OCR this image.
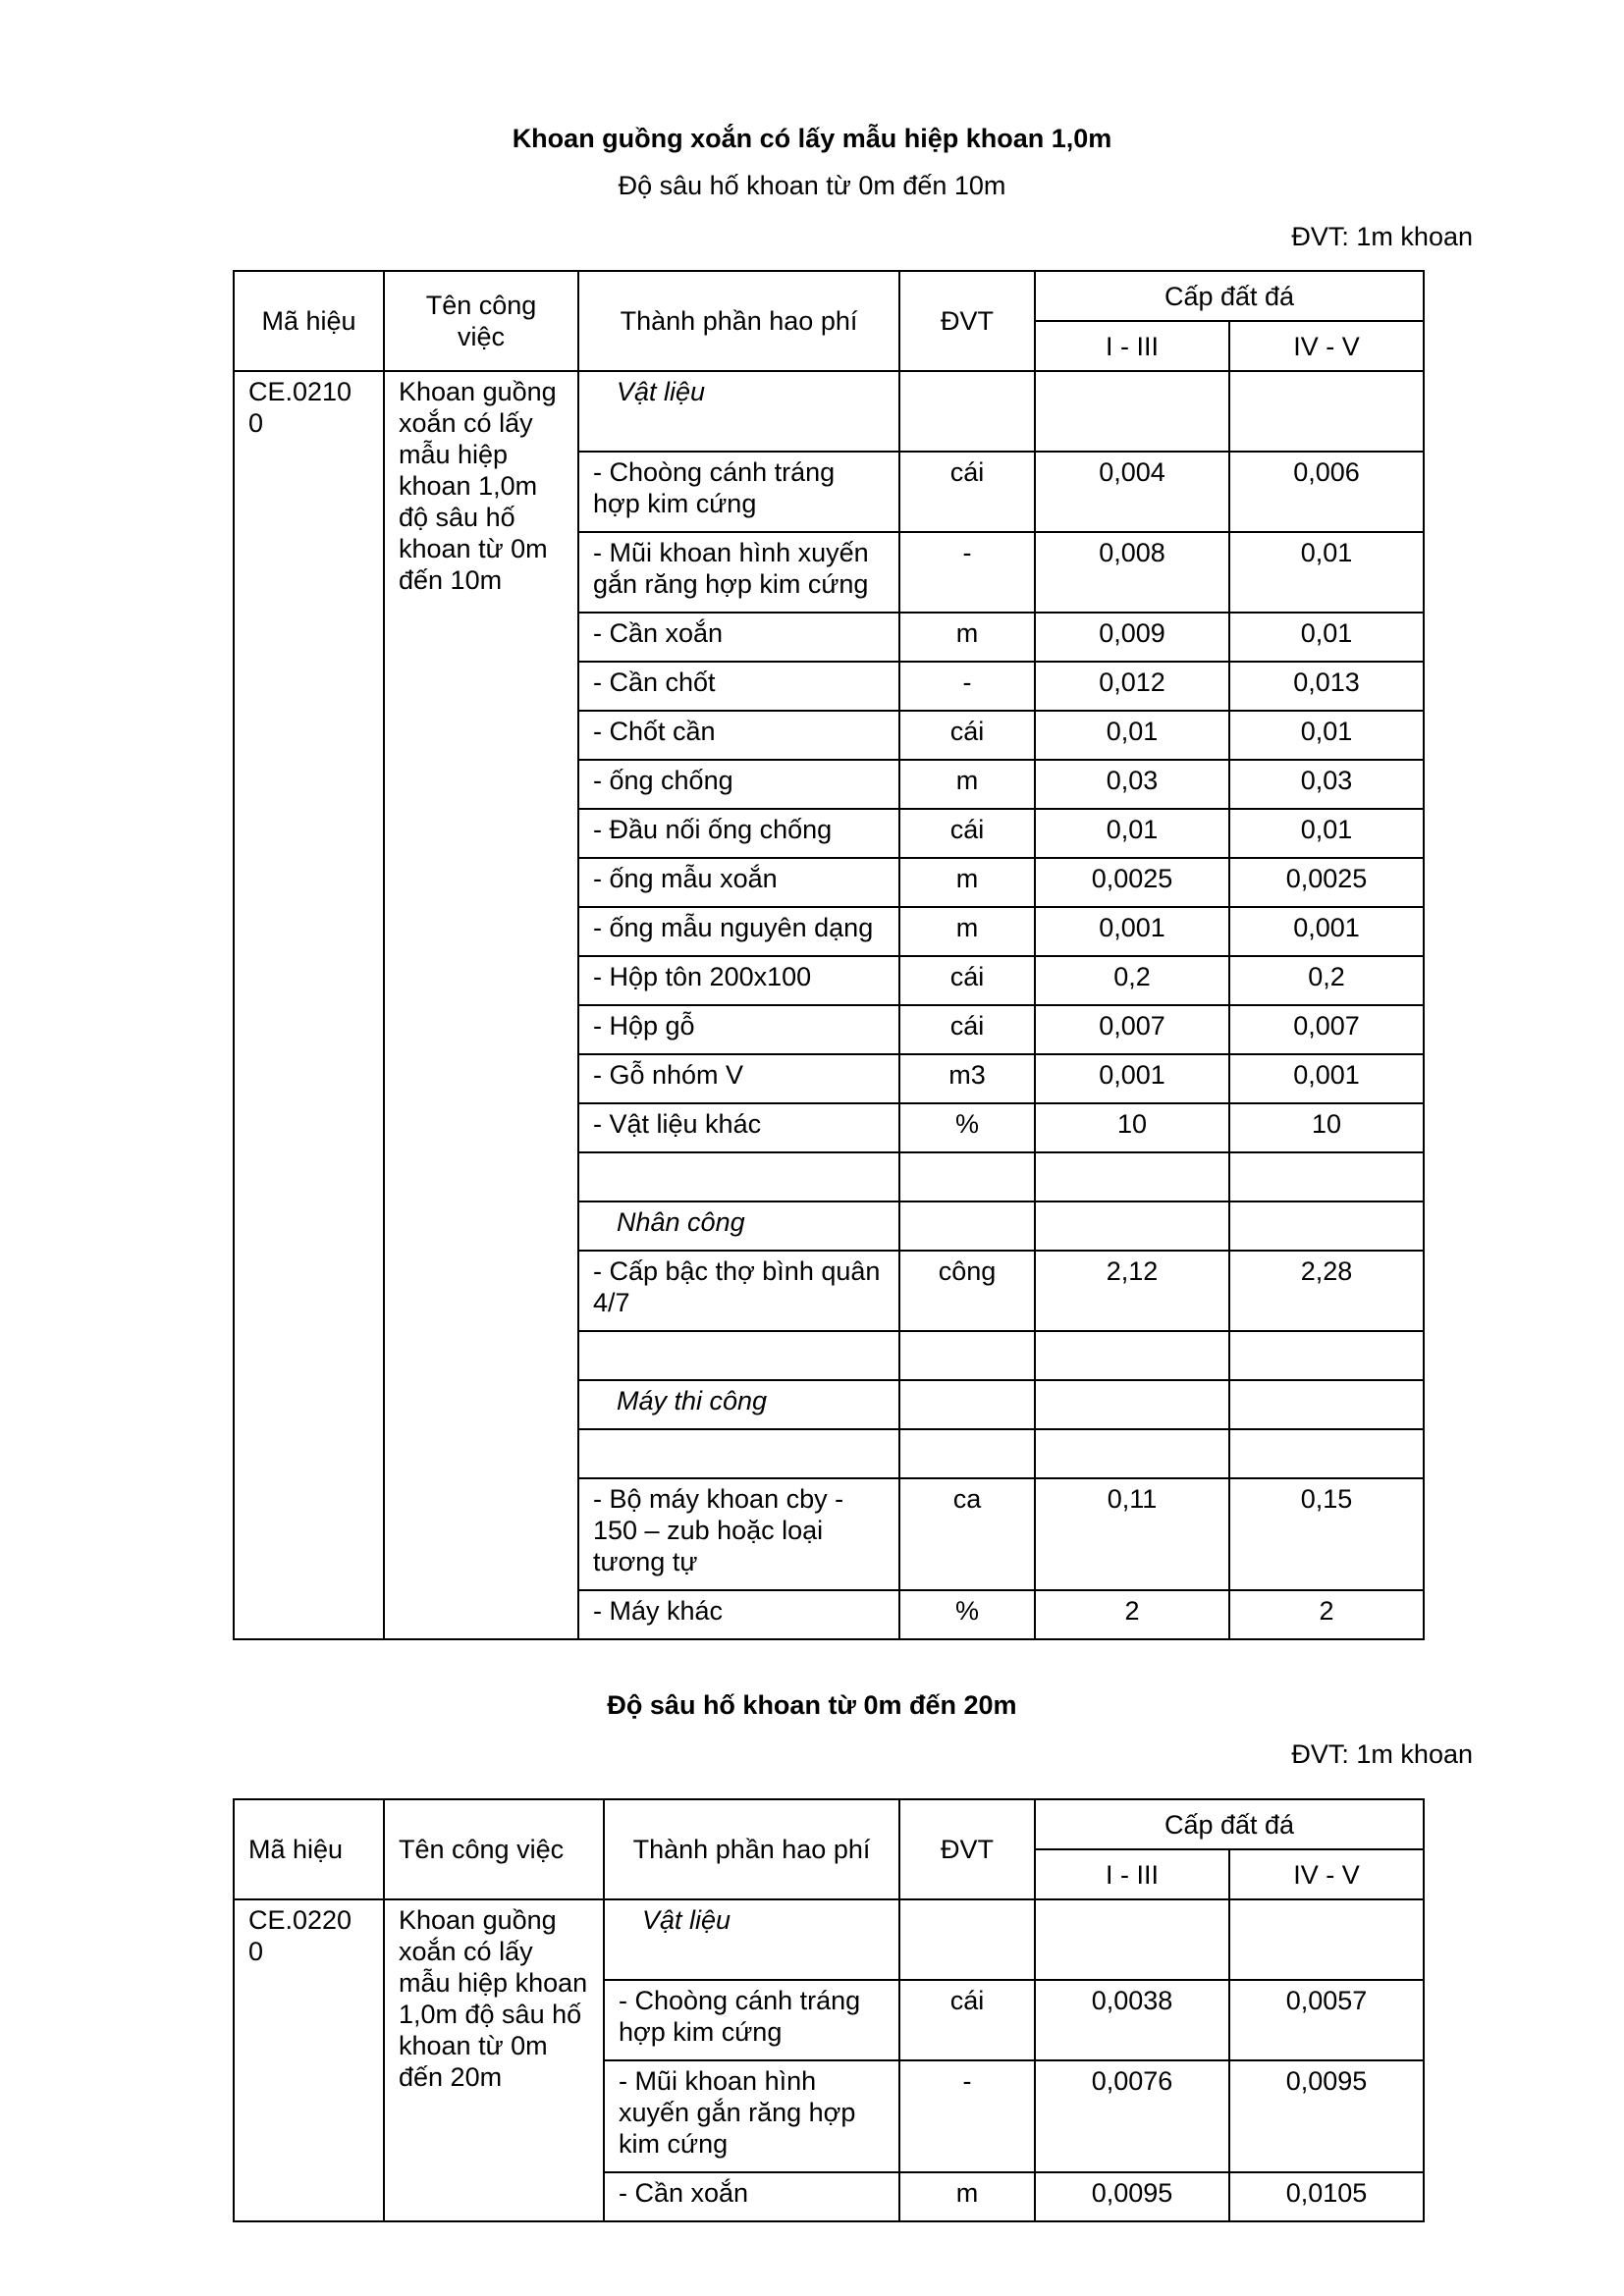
Khoan guồng xoắn có lấy mẫu hiệp khoan 1,0m
Độ sâu hố khoan từ 0m đến 10m
ĐVT: 1m khoan
Mã hiệu	Tên công việc	Thành phần hao phí	ĐVT	Cấp đất đá	
				I - III	IV - V
CE.0210 0	Khoan guồng xoắn có lấy mẫu hiệp khoan 1,0m độ sâu hố khoan từ 0m đến 10m	Vật liệu			
		- Choòng cánh tráng hợp kim cứng	cái	0,004	0,006
		- Mũi khoan hình xuyến gắn răng hợp kim cứng	-	0,008	0,01
		- Cần xoắn	m	0,009	0,01
		- Cần chốt	-	0,012	0,013
		- Chốt cần	cái	0,01	0,01
		- ống chống	m	0,03	0,03
		- Đầu nối ống chống	cái	0,01	0,01
		- ống mẫu xoắn	m	0,0025	0,0025
		- ống mẫu nguyên dạng	m	0,001	0,001
		- Hộp tôn 200x100	cái	0,2	0,2
		- Hộp gỗ	cái	0,007	0,007
		- Gỗ nhóm V	m3	0,001	0,001
		- Vật liệu khác	%	10	10

		Nhân công			
		- Cấp bậc thợ bình quân 4/7	công	2,12	2,28

		Máy thi công			

		- Bộ máy khoan cby - 150 – zub hoặc loại tương tự	ca	0,11	0,15
		- Máy khác	%	2	2
Độ sâu hố khoan từ 0m đến 20m
ĐVT: 1m khoan
Mã hiệu	Tên công việc	Thành phần hao phí	ĐVT	Cấp đất đá	
				I - III	IV - V
CE.0220 0	Khoan guồng xoắn có lấy mẫu hiệp khoan 1,0m độ sâu hố khoan từ 0m đến 20m	Vật liệu			
		- Choòng cánh tráng hợp kim cứng	cái	0,0038	0,0057
		- Mũi khoan hình xuyến gắn răng hợp kim cứng	-	0,0076	0,0095
		- Cần xoắn	m	0,0095	0,0105
